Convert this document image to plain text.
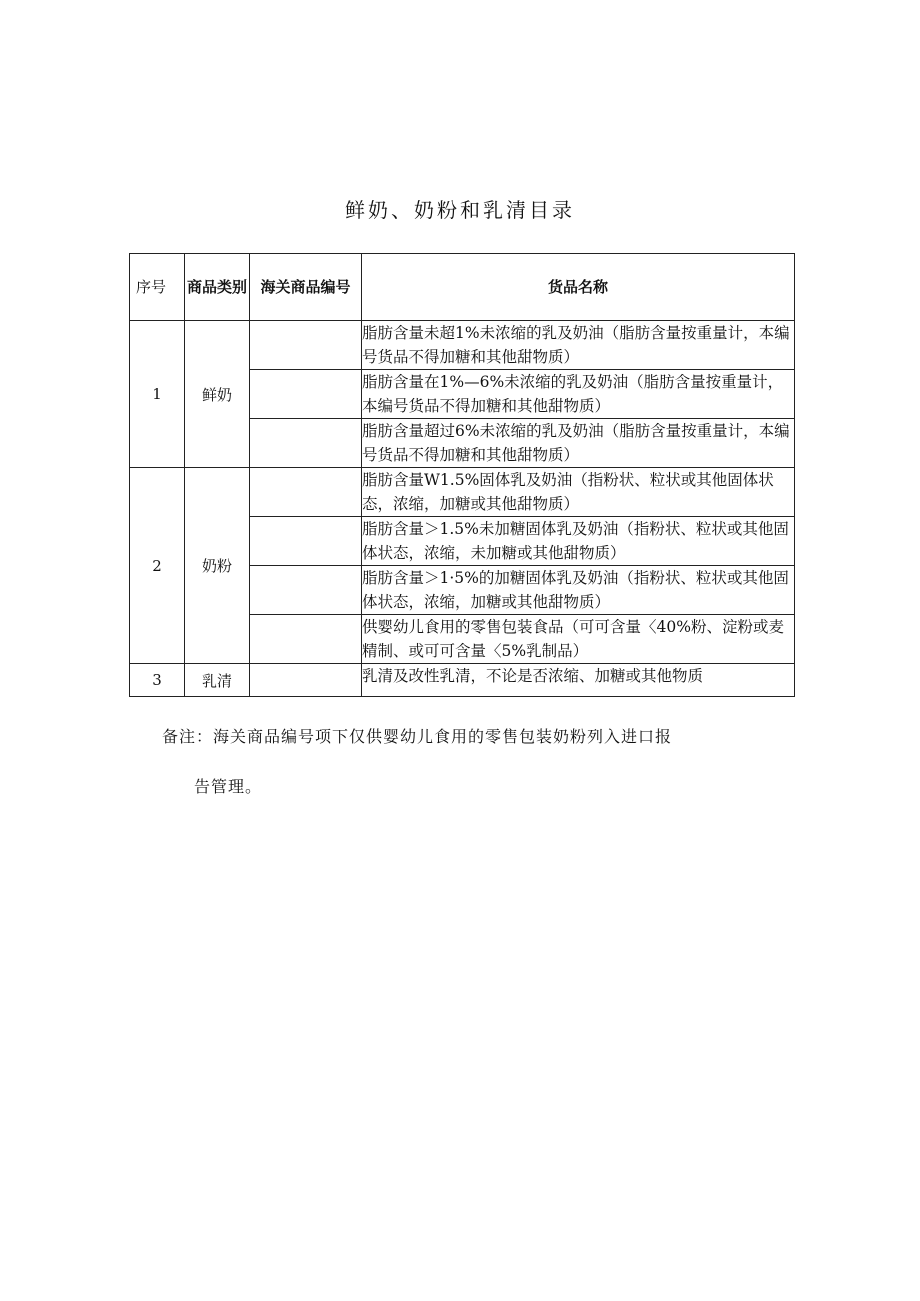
鲜奶、奶粉和乳清目录
序号	商品类别	海关商品编号	货品名称
1	鲜奶		脂肪含量未超1%未浓缩的乳及奶油（脂肪含量按重量计，本编号货品不得加糖和其他甜物质）
			脂肪含量在1%—6%未浓缩的乳及奶油（脂肪含量按重量计，本编号货品不得加糖和其他甜物质）
			脂肪含量超过6%未浓缩的乳及奶油（脂肪含量按重量计，本编号货品不得加糖和其他甜物质）
2	奶粉		脂肪含量W1.5%固体乳及奶油（指粉状、粒状或其他固体状态，浓缩，加糖或其他甜物质）
			脂肪含量＞1.5%未加糖固体乳及奶油（指粉状、粒状或其他固体状态，浓缩，未加糖或其他甜物质）
			脂肪含量＞1·5%的加糖固体乳及奶油（指粉状、粒状或其他固体状态，浓缩，加糖或其他甜物质）
			供婴幼儿食用的零售包装食品（可可含量〈40%粉、淀粉或麦精制、或可可含量〈5%乳制品）
3	乳清		乳清及改性乳清，不论是否浓缩、加糖或其他物质
备注：海关商品编号项下仅供婴幼儿食用的零售包装奶粉列入进口报
告管理。
